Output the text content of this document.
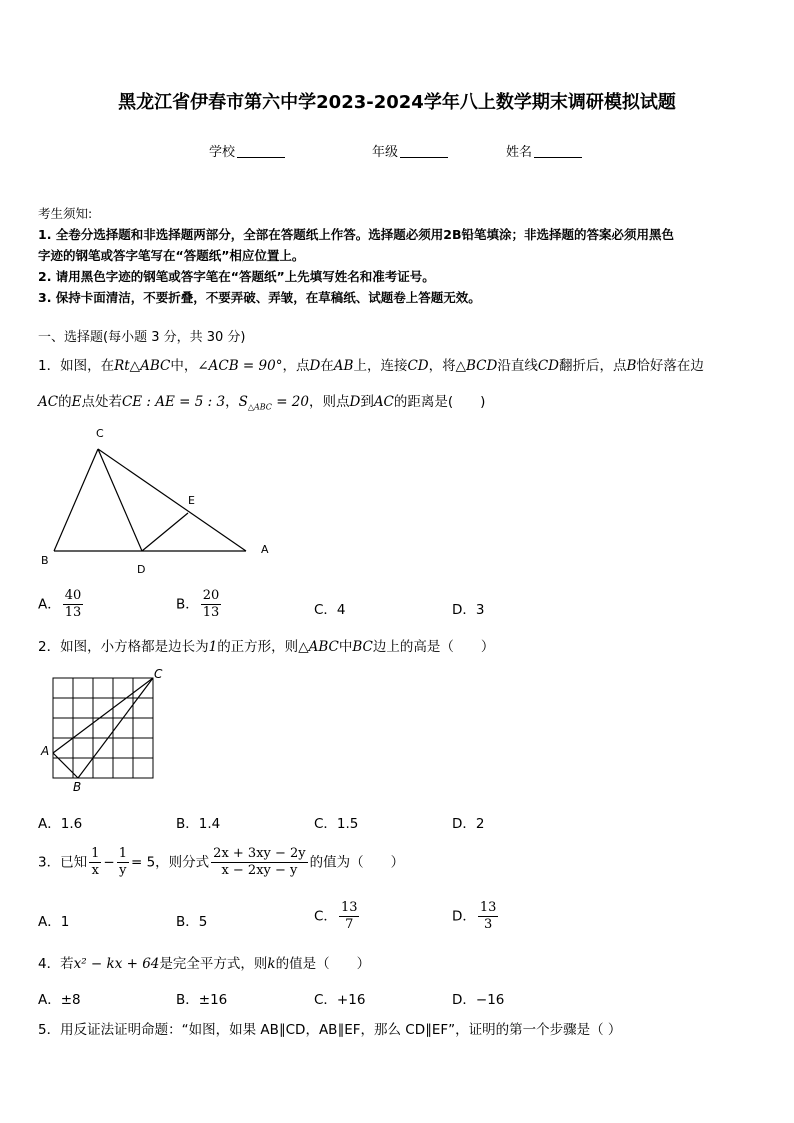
黑龙江省伊春市第六中学2023-2024学年八上数学期末调研模拟试题
学校	年级	姓名
考生须知:
1. 全卷分选择题和非选择题两部分，全部在答题纸上作答。选择题必须用2B铅笔填涂；非选择题的答案必须用黑色
字迹的钢笔或答字笔写在“答题纸”相应位置上。
2. 请用黑色字迹的钢笔或答字笔在“答题纸”上先填写姓名和准考证号。
3. 保持卡面清洁，不要折叠，不要弄破、弄皱，在草稿纸、试题卷上答题无效。
一、选择题(每小题 3 分，共 30 分)
1．如图，在Rt△ABC中，∠ACB = 90°，点D在AB上，连接CD，将△BCD沿直线CD翻折后，点B恰好落在边
AC的E点处若CE : AE = 5 : 3，$S_{\triangle ABC} = 20$，则点D到AC的距离是(　　)
C
E
B
D
A
A． $\frac{40}{13}$	B． $\frac{20}{13}$	C．4	D．3
2．如图，小方格都是边长为1的正方形，则△ABC中BC边上的高是（　　）
C
A
B
A．1.6	B．1.4	C．1.5	D．2
3．已知 $\frac{1}{x} - \frac{1}{y} = 5$，则分式 $\frac{2x + 3xy - 2y}{x - 2xy - y}$ 的值为（　　）
A．1	B．5	C． $\frac{13}{7}$	D． $\frac{13}{3}$
4．若x² − kx + 64是完全平方式，则k的值是（　　）
A．±8	B．±16	C．+16	D．−16
5．用反证法证明命题：“如图，如果 AB∥CD，AB∥EF，那么 CD∥EF”，证明的第一个步骤是（ ）
